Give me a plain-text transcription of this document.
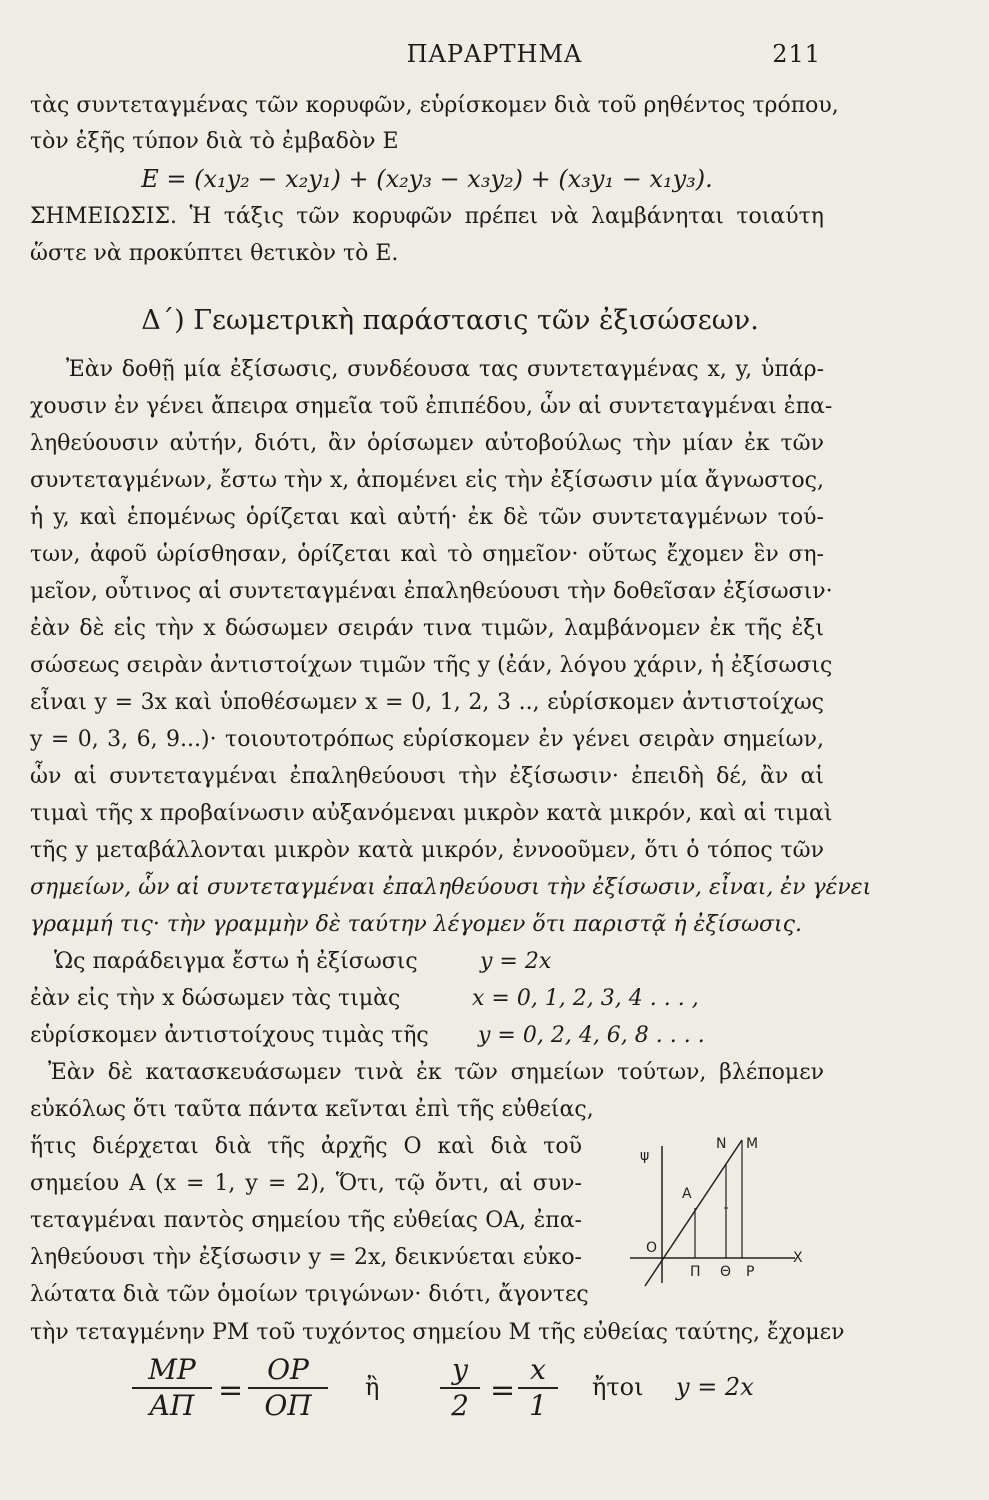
ΠΑΡΑΡΤΗΜΑ	211
τὰς συντεταγμένας τῶν κορυφῶν, εὑρίσκομεν διὰ τοῦ ρηθέντος τρόπου,
τὸν ἑξῆς τύπον διὰ τὸ ἐμβαδὸν Ε
E = (x₁y₂ − x₂y₁) + (x₂y₃ − x₃y₂) + (x₃y₁ − x₁y₃).
ΣΗΜΕΙΩΣΙΣ. Ἡ τάξις τῶν κορυφῶν πρέπει νὰ λαμβάνηται τοιαύτη
ὥστε νὰ προκύπτει θετικὸν τὸ Ε.
Δ΄) Γεωμετρικὴ παράστασις τῶν ἐξισώσεων.
Ἐὰν δοθῇ μία ἐξίσωσις, συνδέουσα τας συντεταγμένας x, y, ὑπάρ-
χουσιν ἐν γένει ἄπειρα σημεῖα τοῦ ἐπιπέδου, ὧν αἱ συντεταγμέναι ἐπα-
ληθεύουσιν αὐτήν, διότι, ἂν ὁρίσωμεν αὐτοβούλως τὴν μίαν ἐκ τῶν
συντεταγμένων, ἔστω τὴν x, ἀπομένει εἰς τὴν ἐξίσωσιν μία ἄγνωστος,
ἡ y, καὶ ἑπομένως ὁρίζεται καὶ αὐτή· ἐκ δὲ τῶν συντεταγμένων τού-
των, ἀφοῦ ὡρίσθησαν, ὁρίζεται καὶ τὸ σημεῖον· οὕτως ἔχομεν ἓν ση-
μεῖον, οὗτινος αἱ συντεταγμέναι ἐπαληθεύουσι τὴν δοθεῖσαν ἐξίσωσιν·
ἐὰν δὲ εἰς τὴν x δώσωμεν σειράν τινα τιμῶν, λαμβάνομεν ἐκ τῆς ἐξι
σώσεως σειρὰν ἀντιστοίχων τιμῶν τῆς y (ἐάν, λόγου χάριν, ἡ ἐξίσωσις
εἶναι y = 3x καὶ ὑποθέσωμεν x = 0, 1, 2, 3 .., εὑρίσκομεν ἀντιστοίχως
y = 0, 3, 6, 9...)· τοιουτοτρόπως εὑρίσκομεν ἐν γένει σειρὰν σημείων,
ὧν αἱ συντεταγμέναι ἐπαληθεύουσι τὴν ἐξίσωσιν· ἐπειδὴ δέ, ἂν αἱ
τιμαὶ τῆς x προβαίνωσιν αὐξανόμεναι μικρὸν κατὰ μικρόν, καὶ αἱ τιμαὶ
τῆς y μεταβάλλονται μικρὸν κατὰ μικρόν, ἐννοοῦμεν, ὅτι ὁ τόπος τῶν
σημείων, ὧν αἱ συντεταγμέναι ἐπαληθεύουσι τὴν ἐξίσωσιν, εἶναι, ἐν γένει
γραμμή τις· τὴν γραμμὴν δὲ ταύτην λέγομεν ὅτι παριστᾷ ἡ ἐξίσωσις.
Ὡς παράδειγμα ἔστω ἡ ἐξίσωσις	y = 2x
ἐὰν εἰς τὴν x δώσωμεν τὰς τιμὰς	x = 0, 1, 2, 3, 4 . . . ,
εὑρίσκομεν ἀντιστοίχους τιμὰς τῆς	y = 0, 2, 4, 6, 8 . . . .
Ἐὰν δὲ κατασκευάσωμεν τινὰ ἐκ τῶν σημείων τούτων, βλέπομεν
εὐκόλως ὅτι ταῦτα πάντα κεῖνται ἐπὶ τῆς εὐθείας,
ἥτις διέρχεται διὰ τῆς ἀρχῆς Ο καὶ διὰ τοῦ
σημείου Α (x = 1, y = 2), Ὅτι, τῷ ὄντι, αἱ συν-
τεταγμέναι παντὸς σημείου τῆς εὐθείας ΟΑ, ἐπα-
ληθεύουσι τὴν ἐξίσωσιν y = 2x, δεικνύεται εὐκο-
λώτατα διὰ τῶν ὁμοίων τριγώνων· διότι, ἄγοντες
τὴν τεταγμένην ΡΜ τοῦ τυχόντος σημείου Μ τῆς εὐθείας ταύτης, ἔχομεν
ψ
N M
A
O
Π Θ P
X
$\frac{MP}{A\Pi} = \frac{OP}{O\Pi}$ ἢ $\frac{y}{2} = \frac{x}{1}$ ἤτοι y = 2x
